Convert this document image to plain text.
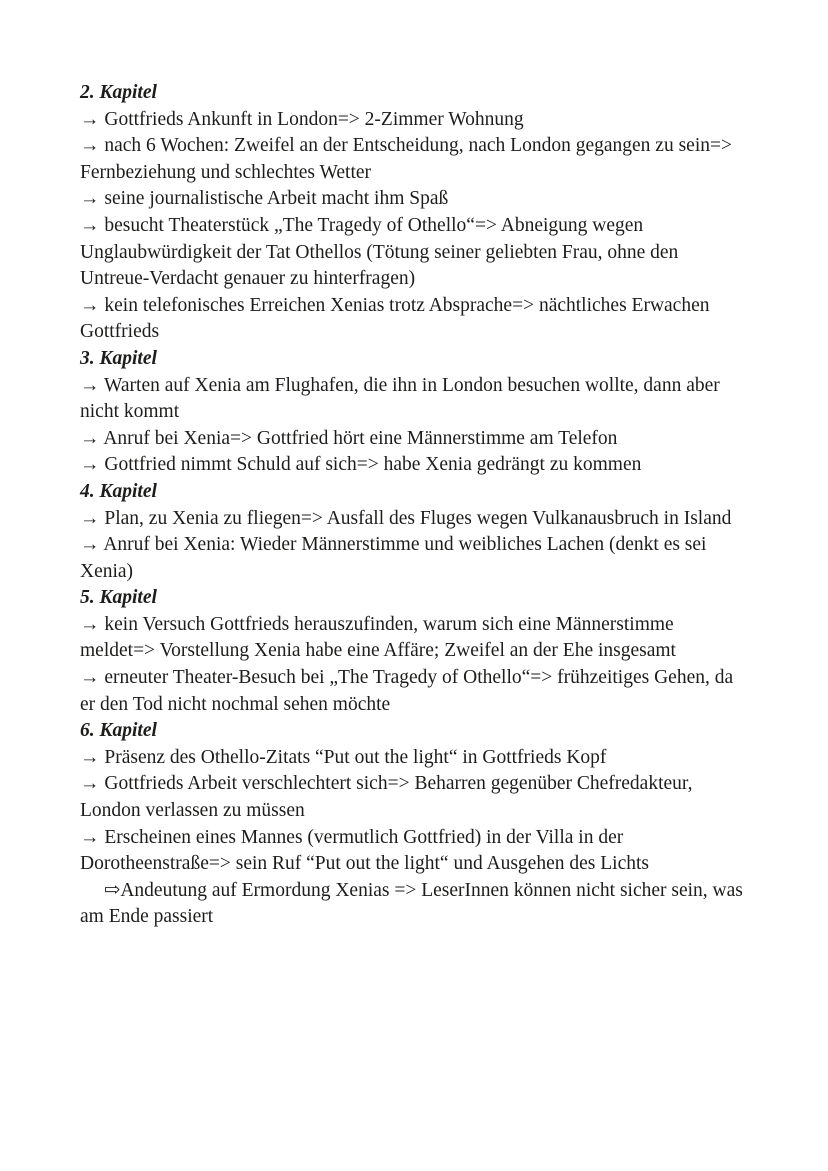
2. Kapitel
→ Gottfrieds Ankunft in London=> 2-Zimmer Wohnung
→ nach 6 Wochen: Zweifel an der Entscheidung, nach London gegangen zu sein=> Fernbeziehung und schlechtes Wetter
→ seine journalistische Arbeit macht ihm Spaß
→ besucht Theaterstück „The Tragedy of Othello“=> Abneigung wegen Unglaubwürdigkeit der Tat Othellos (Tötung seiner geliebten Frau, ohne den Untreue-Verdacht genauer zu hinterfragen)
→ kein telefonisches Erreichen Xenias trotz Absprache=> nächtliches Erwachen Gottfrieds
3. Kapitel
→ Warten auf Xenia am Flughafen, die ihn in London besuchen wollte, dann aber nicht kommt
→ Anruf bei Xenia=> Gottfried hört eine Männerstimme am Telefon
→ Gottfried nimmt Schuld auf sich=> habe Xenia gedrängt zu kommen
4. Kapitel
→ Plan, zu Xenia zu fliegen=> Ausfall des Fluges wegen Vulkanausbruch in Island
→ Anruf bei Xenia: Wieder Männerstimme und weibliches Lachen (denkt es sei Xenia)
5. Kapitel
→ kein Versuch Gottfrieds herauszufinden, warum sich eine Männerstimme meldet=> Vorstellung Xenia habe eine Affäre; Zweifel an der Ehe insgesamt
→ erneuter Theater-Besuch bei „The Tragedy of Othello“=> frühzeitiges Gehen, da er den Tod nicht nochmal sehen möchte
6. Kapitel
→ Präsenz des Othello-Zitats “Put out the light“ in Gottfrieds Kopf
→ Gottfrieds Arbeit verschlechtert sich=> Beharren gegenüber Chefredakteur, London verlassen zu müssen
→ Erscheinen eines Mannes (vermutlich Gottfried) in der Villa in der Dorotheenstraße=> sein Ruf “Put out the light“ und Ausgehen des Lichts
⇨Andeutung auf Ermordung Xenias => LeserInnen können nicht sicher sein, was am Ende passiert
